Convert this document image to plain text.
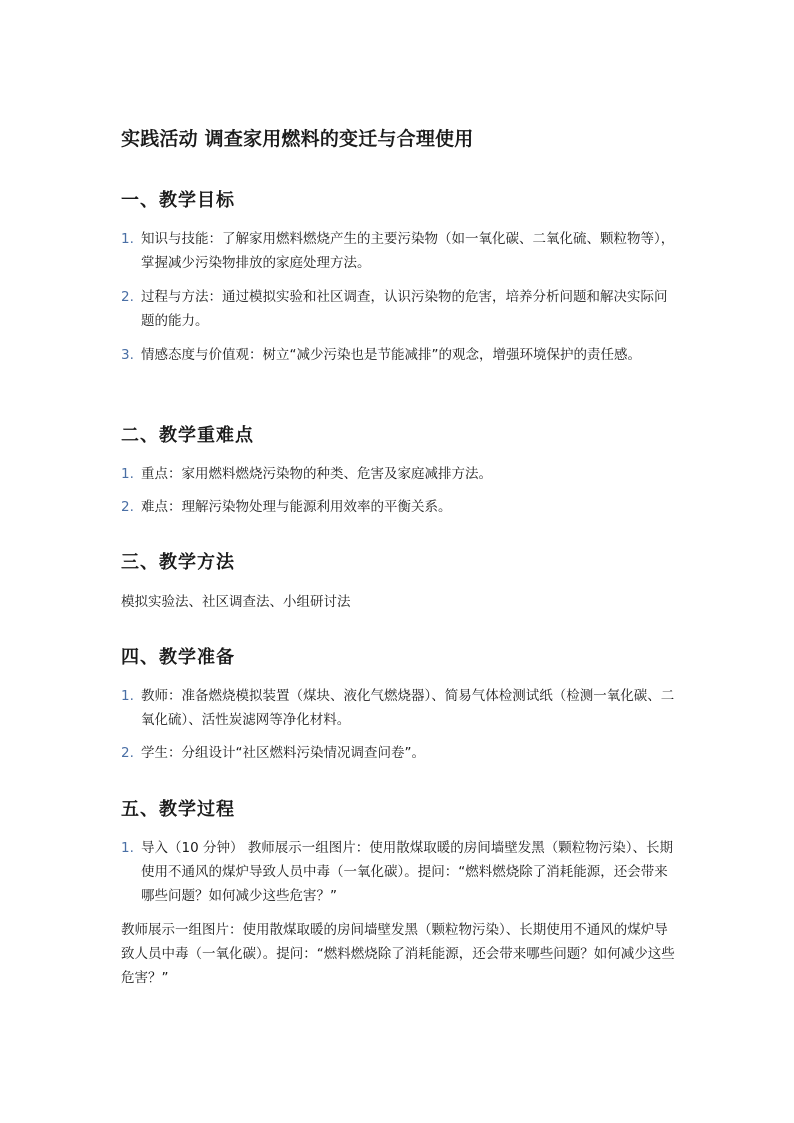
实践活动 调查家用燃料的变迁与合理使用
一、教学目标
1. 知识与技能：了解家用燃料燃烧产生的主要污染物（如一氧化碳、二氧化硫、颗粒物等），掌握减少污染物排放的家庭处理方法。
2. 过程与方法：通过模拟实验和社区调查，认识污染物的危害，培养分析问题和解决实际问题的能力。
3. 情感态度与价值观：树立“减少污染也是节能减排”的观念，增强环境保护的责任感。
二、教学重难点
1. 重点：家用燃料燃烧污染物的种类、危害及家庭减排方法。
2. 难点：理解污染物处理与能源利用效率的平衡关系。
三、教学方法

模拟实验法、社区调查法、小组研讨法

四、教学准备
1. 教师：准备燃烧模拟装置（煤块、液化气燃烧器）、简易气体检测试纸（检测一氧化碳、二氧化硫）、活性炭滤网等净化材料。
2. 学生：分组设计“社区燃料污染情况调查问卷”。
五、教学过程
1. 导入（10 分钟） 教师展示一组图片：使用散煤取暖的房间墙壁发黑（颗粒物污染）、长期使用不通风的煤炉导致人员中毒（一氧化碳）。提问：“燃料燃烧除了消耗能源，还会带来哪些问题？如何减少这些危害？”

教师展示一组图片：使用散煤取暖的房间墙壁发黑（颗粒物污染）、长期使用不通风的煤炉导致人员中毒（一氧化碳）。提问：“燃料燃烧除了消耗能源，还会带来哪些问题？如何减少这些危害？”
